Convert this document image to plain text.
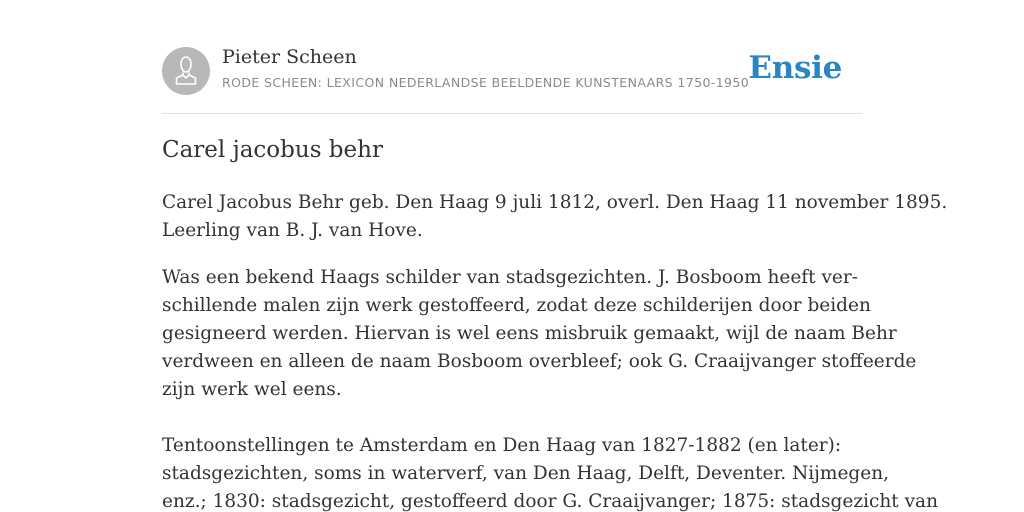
Pieter Scheen
RODE SCHEEN: LEXICON NEDERLANDSE BEELDENDE KUNSTENAARS 1750-1950 Ensie
Carel jacobus behr
Carel Jacobus Behr geb. Den Haag 9 juli 1812, overl. Den Haag 11 november 1895.
Leerling van B. J. van Hove.
Was een bekend Haags schilder van stadsgezichten. J. Bosboom heeft ver-
schillende malen zijn werk gestoffeerd, zodat deze schilderijen door beiden
gesigneerd werden. Hiervan is wel eens misbruik gemaakt, wijl de naam Behr
verdween en alleen de naam Bosboom overbleef; ook G. Craaijvanger stoffeerde
zijn werk wel eens.
Tentoonstellingen te Amsterdam en Den Haag van 1827-1882 (en later):
stadsgezichten, soms in waterverf, van Den Haag, Delft, Deventer. Nijmegen,
enz.; 1830: stadsgezicht, gestoffeerd door G. Craaijvanger; 1875: stadsgezicht van
